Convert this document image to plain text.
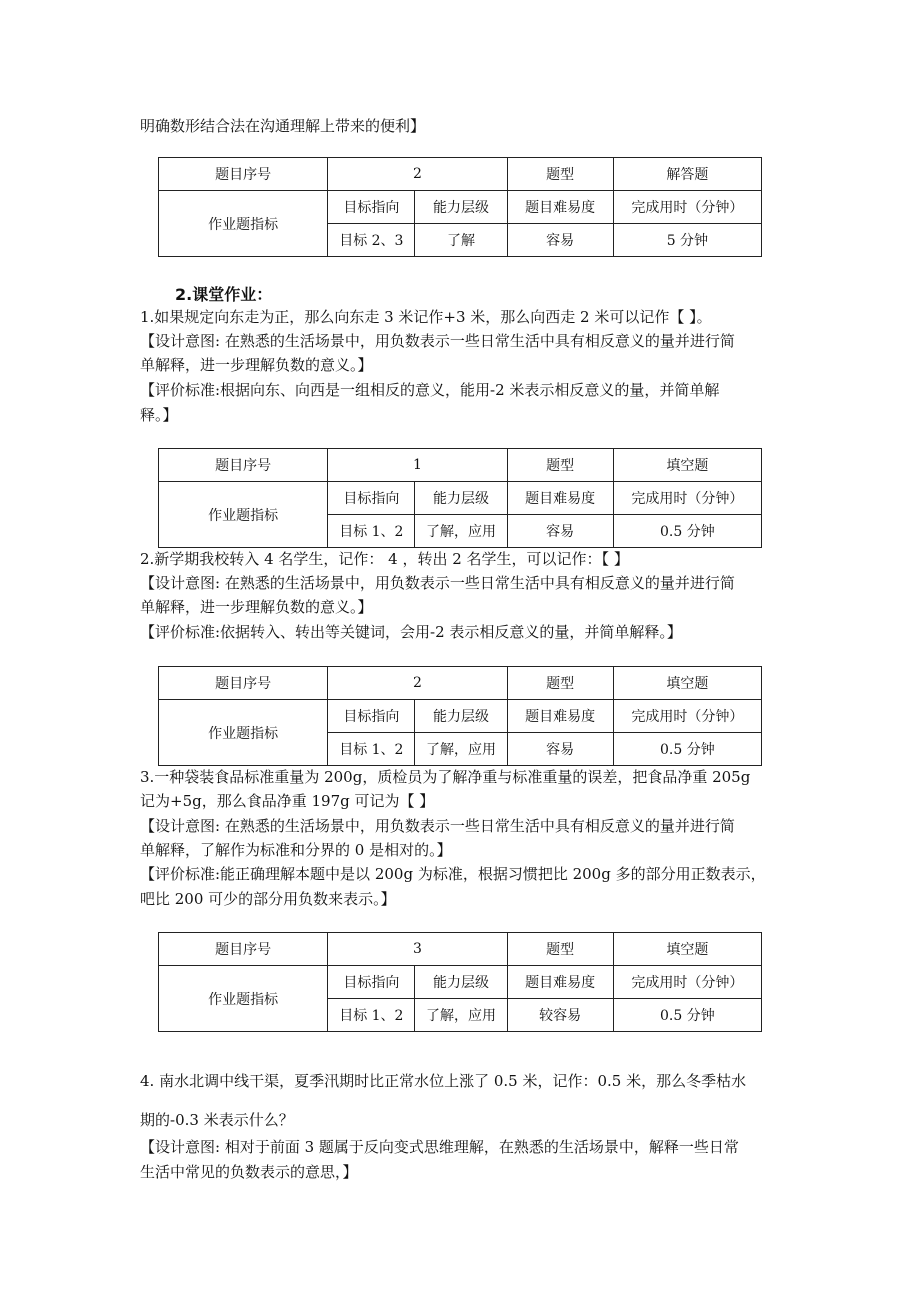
明确数形结合法在沟通理解上带来的便利】
题目序号	2		题型	解答题
作业题指标	目标指向	能力层级	题目难易度	完成用时（分钟）
	目标 2、3	了解	容易	5 分钟
2.课堂作业：
1.如果规定向东走为正，那么向东走 3 米记作+3 米，那么向西走 2 米可以记作【 】。
【设计意图: 在熟悉的生活场景中，用负数表示一些日常生活中具有相反意义的量并进行简
单解释，进一步理解负数的意义。】
【评价标准:根据向东、向西是一组相反的意义，能用-2 米表示相反意义的量，并简单解
释。】
题目序号	1		题型	填空题
作业题指标	目标指向	能力层级	题目难易度	完成用时（分钟）
	目标 1、2	了解，应用	容易	0.5 分钟
2.新学期我校转入 4 名学生，记作： 4 ，转出 2 名学生，可以记作：【 】
【设计意图: 在熟悉的生活场景中，用负数表示一些日常生活中具有相反意义的量并进行简
单解释，进一步理解负数的意义。】
【评价标准:依据转入、转出等关键词，会用-2 表示相反意义的量，并简单解释。】
题目序号	2		题型	填空题
作业题指标	目标指向	能力层级	题目难易度	完成用时（分钟）
	目标 1、2	了解，应用	容易	0.5 分钟
3.一种袋装食品标准重量为 200g，质检员为了解净重与标准重量的误差，把食品净重 205g
记为+5g，那么食品净重 197g 可记为【 】
【设计意图: 在熟悉的生活场景中，用负数表示一些日常生活中具有相反意义的量并进行简
单解释，了解作为标准和分界的 0 是相对的。】
【评价标准:能正确理解本题中是以 200g 为标准，根据习惯把比 200g 多的部分用正数表示，
吧比 200 可少的部分用负数来表示。】
题目序号	3		题型	填空题
作业题指标	目标指向	能力层级	题目难易度	完成用时（分钟）
	目标 1、2	了解，应用	较容易	0.5 分钟
4. 南水北调中线干渠，夏季汛期时比正常水位上涨了 0.5 米，记作：0.5 米，那么冬季枯水
期的-0.3 米表示什么？
【设计意图: 相对于前面 3 题属于反向变式思维理解，在熟悉的生活场景中，解释一些日常
生活中常见的负数表示的意思，】
